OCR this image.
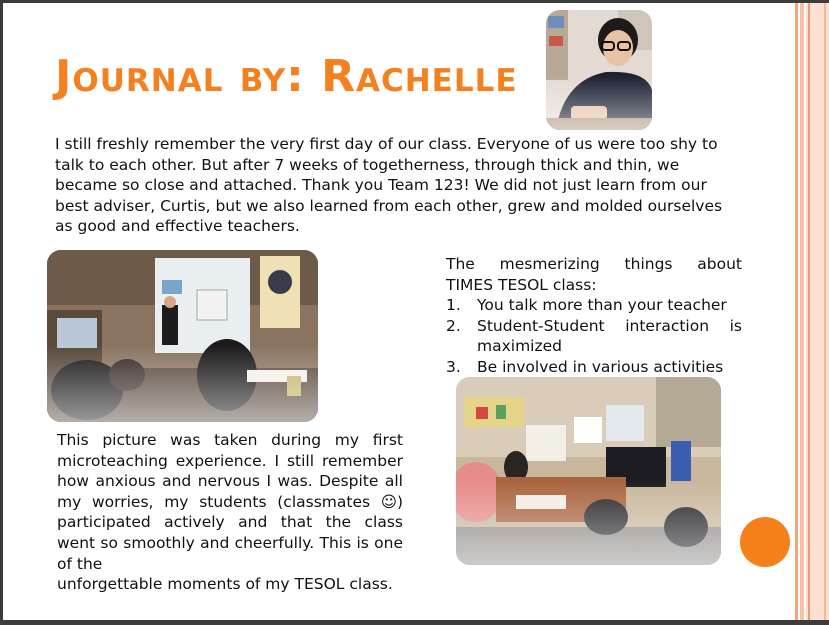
Journal by: Rachelle
I still freshly remember the very first day of our class. Everyone of us were too shy to talk to each other. But after 7 weeks of togetherness, through thick and thin, we became so close and attached. Thank you Team 123! We did not just learn from our best adviser, Curtis, but we also learned from each other, grew and molded ourselves as good and effective teachers.
This picture was taken during my first microteaching experience. I still remember how anxious and nervous I was. Despite all my worries, my students (classmates ☺) participated actively and that the class went so smoothly and cheerfully. This is one of the
unforgettable moments of my TESOL class.
The mesmerizing things about
TIMES TESOL class:
1.	You talk more than your teacher
2.	Student-Student interaction is maximized
3.	Be involved in various activities
